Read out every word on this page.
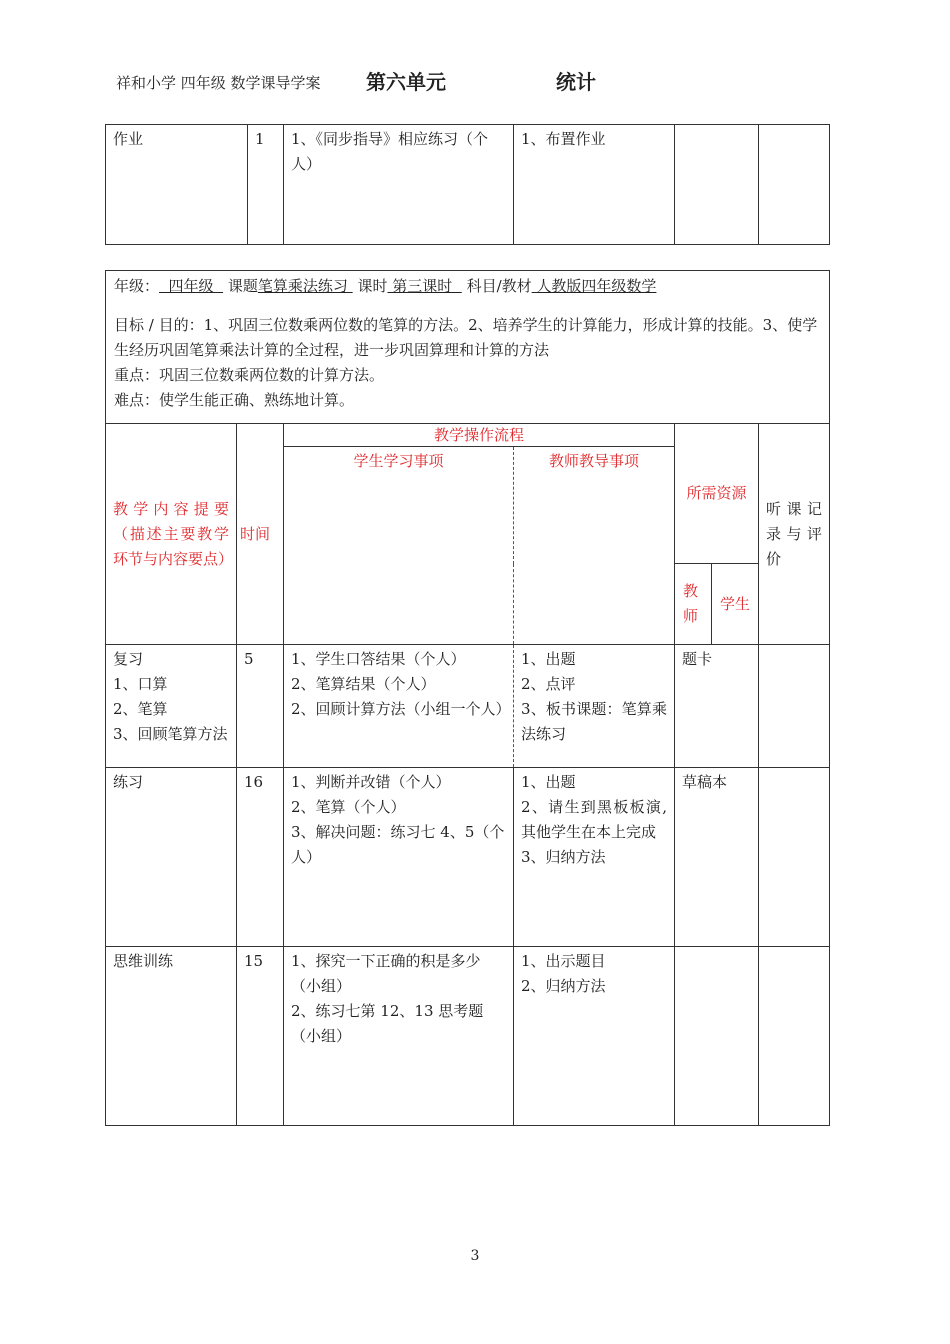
祥和小学 四年级 数学课导学案 第六单元	统计
作业	1	1、《同步指导》相应练习（个人）	1、布置作业		
年级：  四年级   课题笔算乘法练习  课时 第三课时   科目/教材 人教版四年级数学
目标 / 目的：1、巩固三位数乘两位数的笔算的方法。2、培养学生的计算能力，形成计算的技能。3、使学生经历巩固笔算乘法计算的全过程，进一步巩固算理和计算的方法
重点：巩固三位数乘两位数的计算方法。
难点：使学生能正确、熟练地计算。						

教学内容提要（描述主要教学环节与内容要点）	时间	教学操作流程		所需资源		听课记录与评价
		学生学习事项	教师教导事项			
				教师	学生	

复习
1、口算
2、笔算
3、回顾笔算方法	5	1、学生口答结果（个人）
2、笔算结果（个人）
2、回顾计算方法（小组一个人）	1、出题
2、点评
3、板书课题：笔算乘法练习	题卡		

练习	16	1、判断并改错（个人）
2、笔算（个人）
3、解决问题：练习七 4、5（个人）	1、出题
2、请生到黑板板演,其他学生在本上完成
3、归纳方法	草稿本		

思维训练	15	1、探究一下正确的积是多少（小组）
2、练习七第 12、13 思考题（小组）	1、出示题目
2、归纳方法			

3
